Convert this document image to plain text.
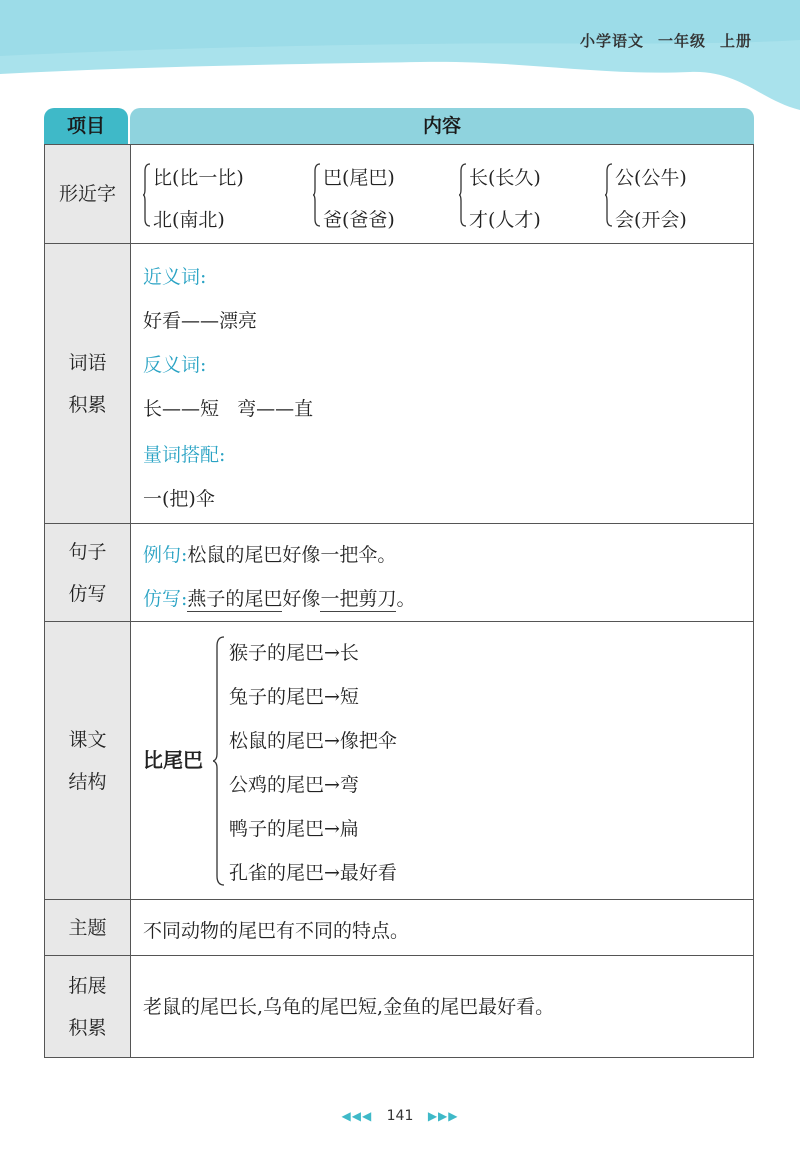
小学语文 一年级 上册
项目	内容
形近字
比(比一比)
北(南北)
巴(尾巴)
爸(爸爸)
长(长久)
才(人才)
公(公牛)
会(开会)
词语
积累
近义词:
好看——漂亮
反义词:
长——短   弯——直
量词搭配:
一(把)伞
句子
仿写
例句:松鼠的尾巴好像一把伞。
仿写:燕子的尾巴好像一把剪刀。
课文
结构
比尾巴
猴子的尾巴→长
兔子的尾巴→短
松鼠的尾巴→像把伞
公鸡的尾巴→弯
鸭子的尾巴→扁
孔雀的尾巴→最好看
主题 不同动物的尾巴有不同的特点。
拓展
积累
老鼠的尾巴长,乌龟的尾巴短,金鱼的尾巴最好看。
◀◀◀ 141 ▶▶▶
